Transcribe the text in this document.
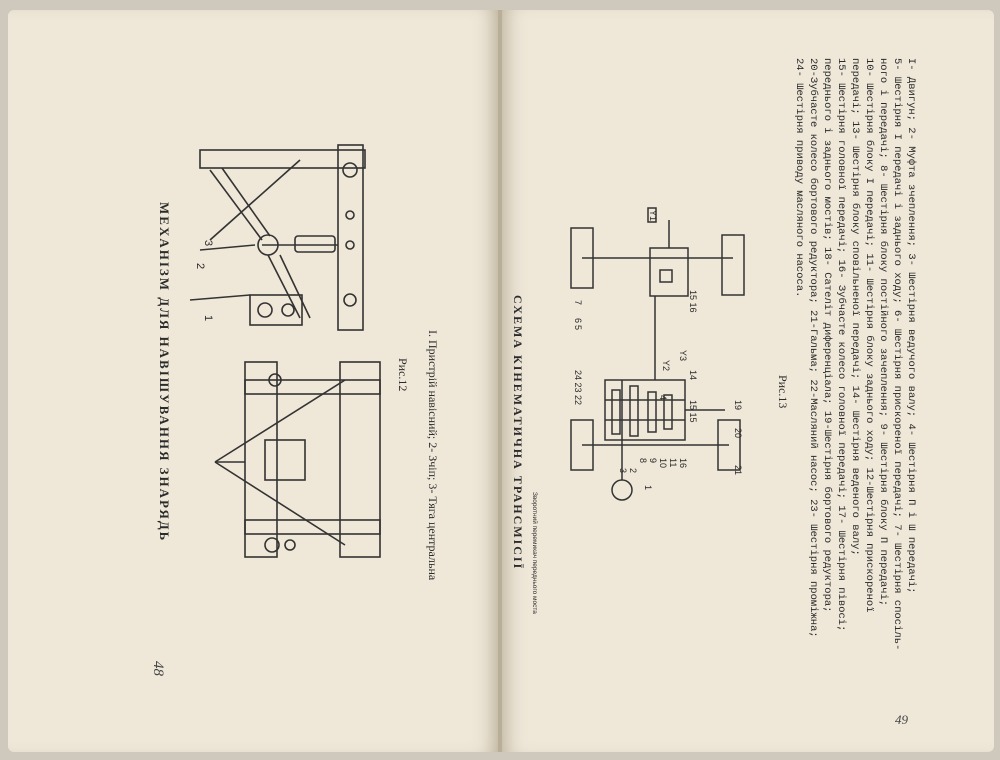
МЕХАНІЗМ ДЛЯ НАВІШУВАННЯ ЗНАРЯДЬ	Рис.12 I. Пристрій навісний; 2- Зчіп; 3- Тяга центральна
48
2
3
1	СХЕМА КІНЕМАТИЧНА ТРАНСМІСІЇ	Рис.13
Зворотний перемикач переднього моста	I- Двигун; 2- Муфта зчеплення; 3- Шестірня ведучого валу; 4- Шестірня П і Ш передачі;
5- Шестірня I передачі і заднього ходу; 6- Шестірня прискореної передачі; 7- Шестірня спосіль-
ного і передачі; 8- Шестірня блоку постійного зачеплення; 9- Шестірня блоку П передачі;
10- Шестірня блоку I передачі; 11- Шестірня блоку заднього ходу; 12-Шестірня прискореної
передачі; 13- Шестірня блоку сповільненої передачі; 14- Шестірня веденого валу;
15- Шестірня головної передачі; 16- Зубчасте колесо головної передачі; 17- Шестірня півосі;
переднього і заднього мостів; 18- Сателіт диференціала; 19-Шестірня бортового редуктора;
20-Зубчасте колесо бортового редуктора; 21-Гальма; 22-Масляний насос; 23- Шестірня проміжна;
24- Шестірня приводу масляного насоса.
49
1
2
3
8 9 10 11 16
5
6
7
24 23 22
Y2
Y3
14
4
15 15
15 16
19
20
21
Y1
